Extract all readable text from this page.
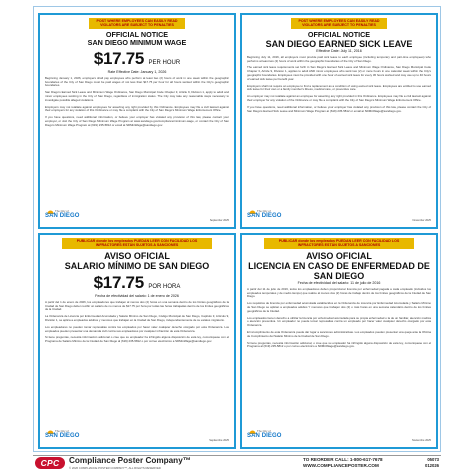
POST WHERE EMPLOYEES CAN EASILY READ VIOLATORS ARE SUBJECT TO PENALTIES
OFFICIAL NOTICE
SAN DIEGO MINIMUM WAGE
$17.75 PER HOUR
Rate Effective Date: January 1, 2026

Beginning January 1, 2026, employers shall pay employees who perform at least two (2) hours of work in one week within the geographic boundaries of the City of San Diego must be paid wages of not less than $17.75 per hour for all hours worked within the City's geographic boundaries.

San Diego's Earned Sick Leave and Minimum Wage Ordinance, San Diego Municipal Code Chapter 3, Article 9, Division 1, apply to adult and minor employees working in the City of San Diego, regardless of immigration status. The City may take any reasonable steps necessary to investigate possible alleged violations.

Employers may not retaliate against employees for asserting any right provided by this Ordinance. Employees may file a civil lawsuit against their employers for any violation of this Ordinance or may file a complaint with the City of San Diego's Minimum Wage Enforcement Office.

If you have questions, need additional information, or believe your employer has violated any provision of this law, please contact your employer, or visit the City of San Diego Minimum Wage Program at www.sandiego.gov/compliance/minimum-wage, or contact the City of San Diego's Minimum Wage Program at (619) 235-5812 or email at SDMinWage@sandiego.gov.

The City of
SAN DIEGO
September 2025
POST WHERE EMPLOYEES CAN EASILY READ VIOLATORS ARE SUBJECT TO PENALTIES
OFFICIAL NOTICE
SAN DIEGO EARNED SICK LEAVE
Effective Date: July 11, 2016

Beginning July 11, 2016, all employers must provide paid sick leave to each employee (including temporary and part-time employees) who performs at least two (2) hours of work within the geographic boundaries of the City of San Diego.

The earned sick leave requirements set forth in San Diego's Earned Sick Leave and Minimum Wage Ordinance, San Diego Municipal Code Chapter 3, Article 9, Division 1, applies to adult AND minor employees who work two (2) or more hours in one calendar week within the City's geographic boundaries. Employees must be provided with one hour of earned sick leave for every 30 hours worked and may use up to 40 hours of earned sick leave per benefit year.

Employers shall not require an employee to find a replacement as a condition of using earned sick leave. Employees are entitled to use earned sick leave for their own or a family member's illness, medical care, or preventive care.

An employer may not retaliate against an employee for asserting any right provided in this Ordinance. Employees may file a civil lawsuit against their employer for any violation of the Ordinance or may file a complaint with the City of San Diego's Minimum Wage Enforcement Office.

If you have questions, need additional information, or believe your employer has violated any provision of this law, please contact the City of San Diego's Earned Sick Leave and Minimum Wage Program at (619) 235-5812 or email at SDMinWage@sandiego.gov.

The City of
SAN DIEGO
November 2025
PUBLICAR donde los empleados PUEDAN LEER CON FACILIDAD LOS INFRACTORES ESTÁN SUJETOS A SANCIONES
AVISO OFICIAL
SALARIO MÍNIMO DE SAN DIEGO
$17.75 POR HORA
Fecha de efectividad del salario: 1 de enero de 2026

A partir del 1 de enero de 2026, los empleadores que trabajen al menos dos (2) horas en una semana dentro de los límites geográficos de la Ciudad de San Diego deben recibir un salario de no menos de $17.75 por hora por todas las horas trabajadas dentro de los límites geográficos de la Ciudad.

La Ordenanza de Licencia por Enfermedad Acumulada y Salario Mínimo de San Diego, Código Municipal de San Diego, Capítulo 3, Artículo 9, División 1, se aplica a empleados adultos y menores que trabajan en la Ciudad de San Diego, independientemente de su estatus migratorio.

Los empleadores no pueden tomar represalias contra los empleados por hacer valer cualquier derecho otorgado por esta Ordenanza. Los empleados pueden presentar una demanda civil contra sus empleadores por cualquier infracción de esta Ordenanza.

Si tiene preguntas, necesita información adicional o cree que su empleador ha infringido alguna disposición de esta ley, comuníquese con el Programa de Salario Mínimo de la Ciudad de San Diego al (619) 235-5812 o por correo electrónico a SDMinWage@sandiego.gov.

The City of
SAN DIEGO
Septiembre 2025
PUBLICAR donde los empleados PUEDAN LEER CON FACILIDAD LOS INFRACTORES ESTÁN SUJETOS A SANCIONES
AVISO OFICIAL
LICENCIA EN CASO DE ENFERMEDAD DE SAN DIEGO
Fecha de efectividad del salario: 11 de julio de 2016

A partir del 11 de julio de 2016, todos los empleadores deben proporcionar licencia por enfermedad pagada a cada empleado (incluidos los empleados temporales y de medio tiempo) que realice al menos dos (2) horas de trabajo dentro de los límites geográficos de la Ciudad de San Diego.

Los requisitos de licencia por enfermedad acumulada establecidos en la Ordenanza de Licencia por Enfermedad Acumulada y Salario Mínimo de San Diego se aplican a empleados adultos Y menores que trabajen dos (2) o más horas en una semana calendario dentro de los límites geográficos de la Ciudad.

Los empleados tienen derecho a utilizar la licencia por enfermedad acumulada para su propia enfermedad o la de un familiar, atención médica o atención preventiva. Un empleador no puede tomar represalias contra un empleado por hacer valer cualquier derecho otorgado por esta Ordenanza.

El incumplimiento de esta Ordenanza puede dar lugar a sanciones administrativas. Los empleados pueden presentar una queja ante la Oficina de Cumplimiento del Salario Mínimo de la Ciudad de San Diego.

Si tiene preguntas, necesita información adicional, o cree que su empleador ha infringido alguna disposición de esta ley, comuníquese con el Programa al (619) 235-5812 o por correo electrónico a SDMinWage@sandiego.gov.

The City of
SAN DIEGO
Noviembre 2025
CPC	Compliance Poster Company™
© 2026 COMPLIANCE POSTER COMPANY™, ALL RIGHTS RESERVED
TO REORDER CALL: 1-800-617-7678
WWW.COMPLIANCEPOSTER.COM
05073
012026
